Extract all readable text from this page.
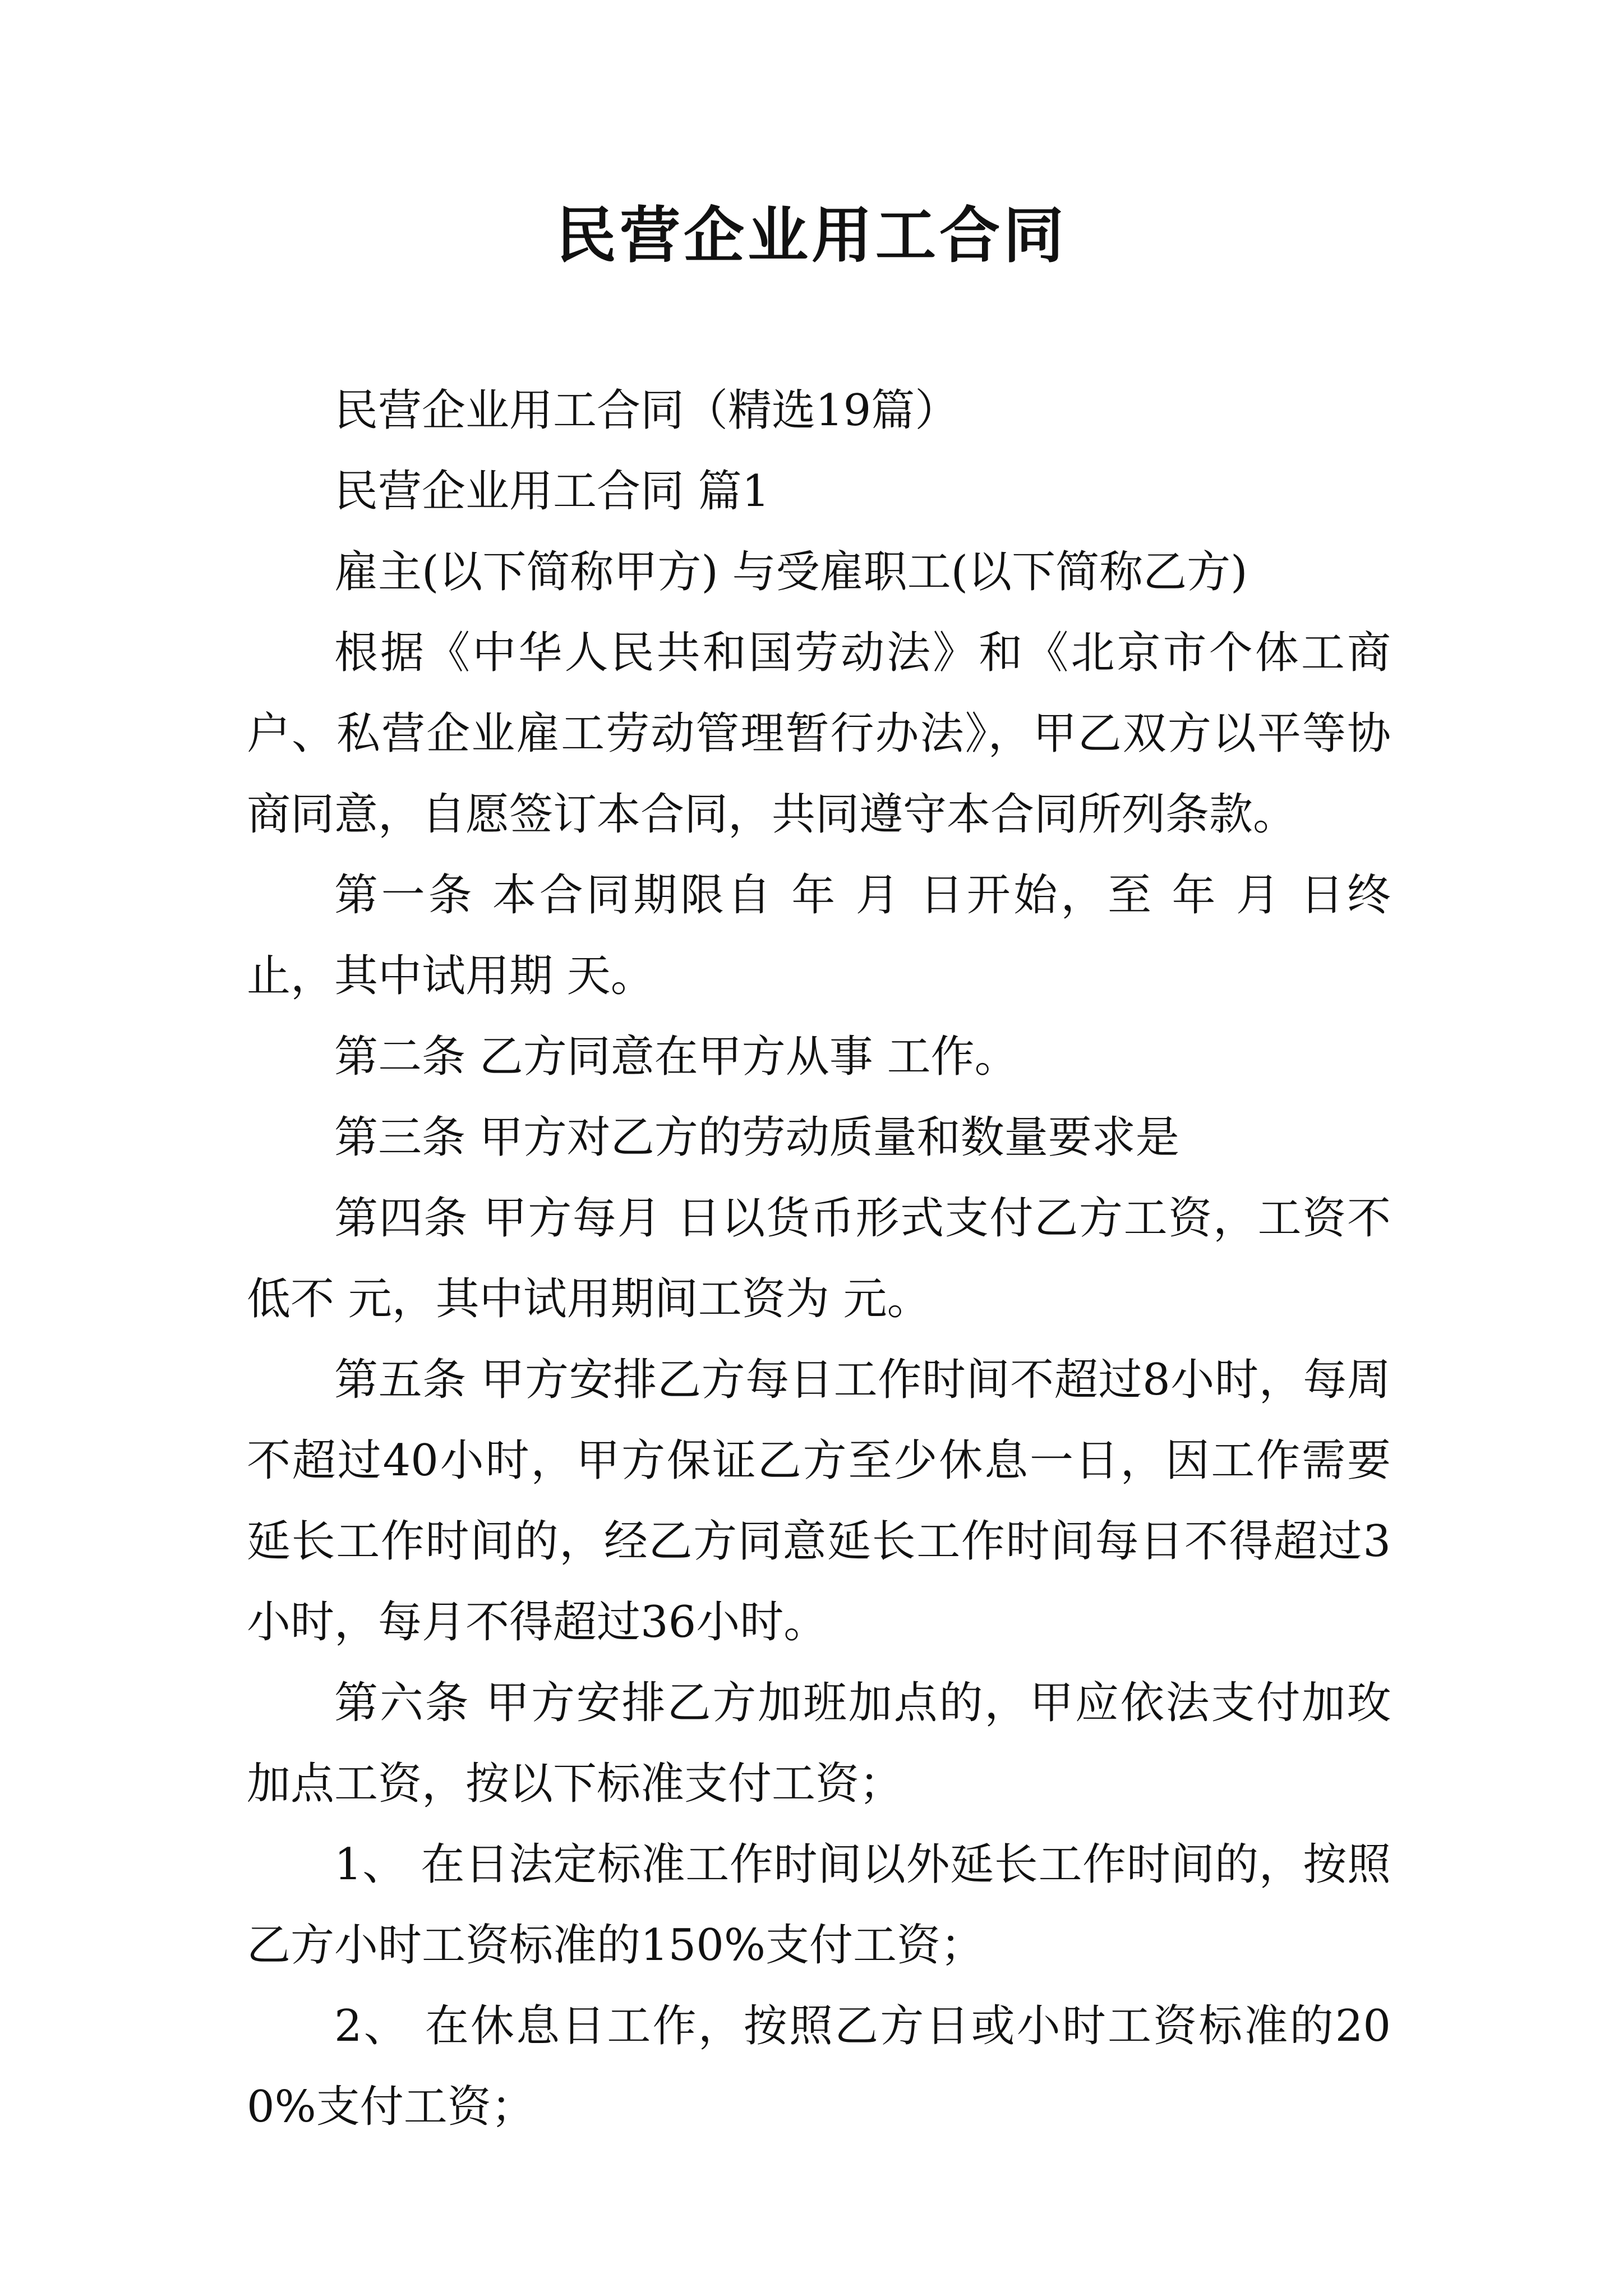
民营企业用工合同

民营企业用工合同（精选19篇）

民营企业用工合同 篇1

雇主(以下简称甲方) 与受雇职工(以下简称乙方)

根据《中华人民共和国劳动法》和《北京市个体工商户、私营企业雇工劳动管理暂行办法》，甲乙双方以平等协商同意，自愿签订本合同，共同遵守本合同所列条款。

第一条 本合同期限自 年 月 日开始，至 年 月 日终止，其中试用期 天。

第二条 乙方同意在甲方从事 工作。

第三条 甲方对乙方的劳动质量和数量要求是

第四条 甲方每月 日以货币形式支付乙方工资，工资不低不 元，其中试用期间工资为 元。

第五条 甲方安排乙方每日工作时间不超过8小时，每周不超过40小时，甲方保证乙方至少休息一日，因工作需要延长工作时间的，经乙方同意延长工作时间每日不得超过3小时，每月不得超过36小时。

第六条 甲方安排乙方加班加点的，甲应依法支付加玫加点工资，按以下标准支付工资；

1、 在日法定标准工作时间以外延长工作时间的，按照乙方小时工资标准的150%支付工资；

2、 在休息日工作，按照乙方日或小时工资标准的200%支付工资；
